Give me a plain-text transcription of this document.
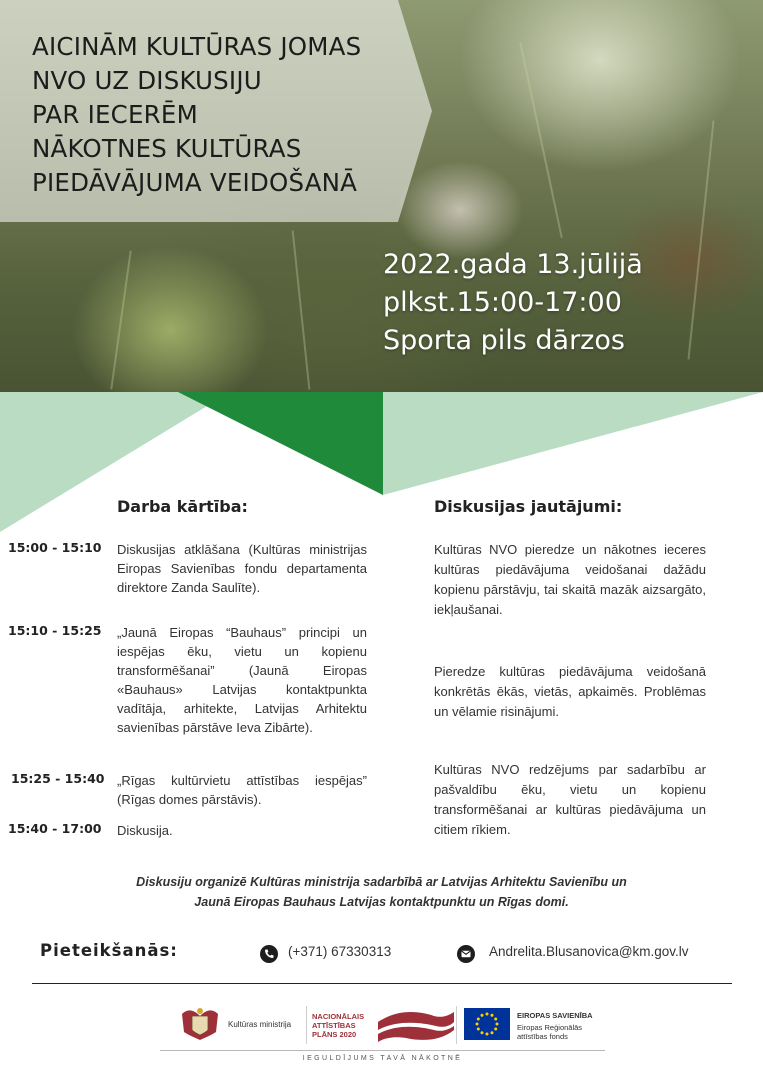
AICINĀM KULTŪRAS JOMAS
NVO UZ DISKUSIJU
PAR IECERĒM
NĀKOTNES KULTŪRAS
PIEDĀVĀJUMA VEIDOŠANĀ
2022.gada 13.jūlijā
plkst.15:00-17:00
Sporta pils dārzos
Darba kārtība:
15:00 - 15:10 Diskusijas atklāšana (Kultūras ministrijas Eiropas Savienības fondu departamenta direktore Zanda Saulīte).

15:10 - 15:25 „Jaunā Eiropas “Bauhaus” principi un iespējas ēku, vietu un kopienu transformēšanai” (Jaunā Eiropas «Bauhaus» Latvijas kontaktpunkta vadītāja, arhitekte, Latvijas Arhitektu savienības pārstāve Ieva Zibārte).

15:25 - 15:40 „Rīgas kultūrvietu attīstības iespējas” (Rīgas domes pārstāvis).

15:40 - 17:00 Diskusija.

Diskusijas jautājumi:

Kultūras NVO pieredze un nākotnes ieceres kultūras piedāvājuma veidošanai dažādu kopienu pārstāvju, tai skaitā mazāk aizsargāto, iekļaušanai.

Pieredze kultūras piedāvājuma veidošanā konkrētās ēkās, vietās, apkaimēs. Problēmas un vēlamie risinājumi.

Kultūras NVO redzējums par sadarbību ar pašvaldību ēku, vietu un kopienu transformēšanai ar kultūras piedāvājuma un citiem rīkiem.

Diskusiju organizē Kultūras ministrija sadarbībā ar Latvijas Arhitektu Savienību un
Jaunā Eiropas Bauhaus Latvijas kontaktpunktu un Rīgas domi.

Pieteikšanās:	(+371) 67330313	Andrelita.Blusanovica@km.gov.lv
Kultūras ministrija
NACIONĀLAIS
ATTĪSTĪBAS
PLĀNS 2020
EIROPAS SAVIENĪBA
Eiropas Reģionālās
attīstības fonds
IEGULDĪJUMS TAVĀ NĀKOTNĒ
